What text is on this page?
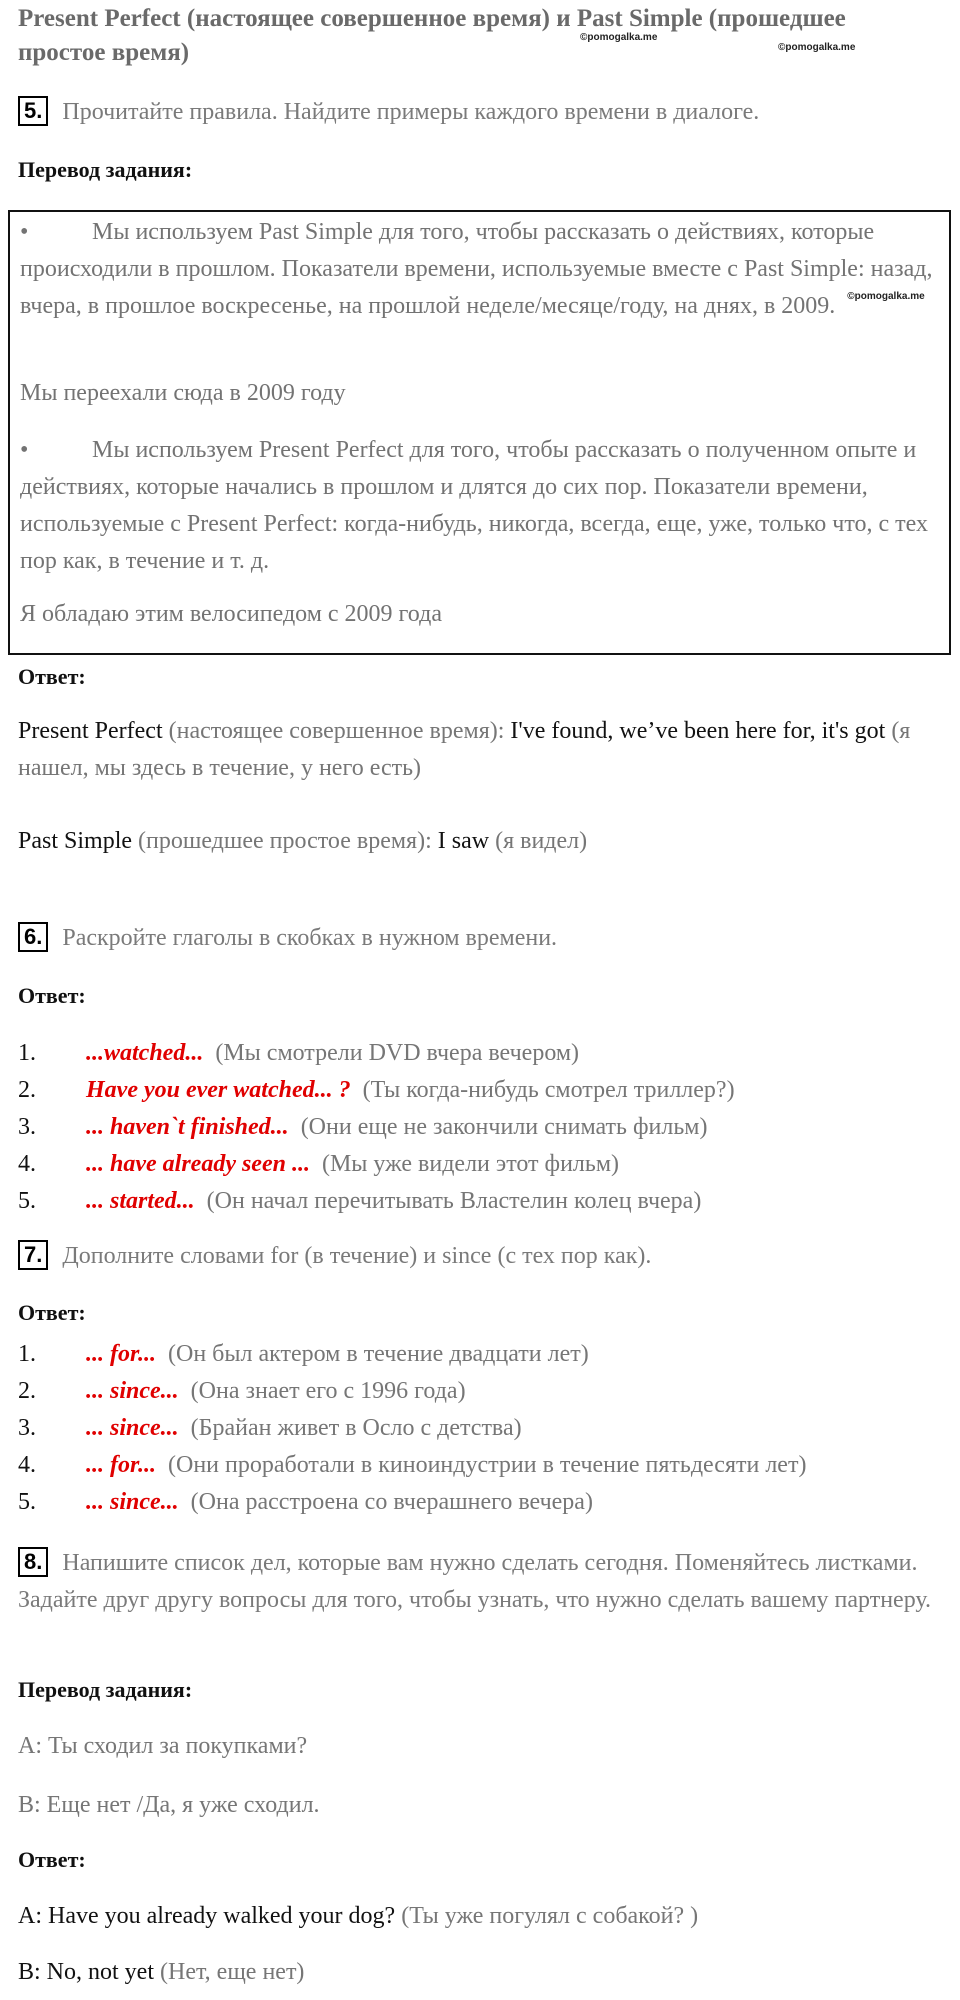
Present Perfect (настоящее совершенное время) и Past Simple (прошедшее простое время)
©pomogalka.me
©pomogalka.me
5. Прочитайте правила. Найдите примеры каждого времени в диалоге.
Перевод задания:
•	Мы используем Past Simple для того, чтобы рассказать о действиях, которые происходили в прошлом. Показатели времени, используемые вместе с Past Simple: назад, вчера, в прошлое воскресенье, на прошлой неделе/месяце/году, на днях, в 2009. $^{©pomogalka.me}$
Мы переехали сюда в 2009 году
•	Мы используем Present Perfect для того, чтобы рассказать о полученном опыте и действиях, которые начались в прошлом и длятся до сих пор. Показатели времени, используемые с Present Perfect: когда-нибудь, никогда, всегда, еще, уже, только что, с тех пор как, в течение и т. д.
Я обладаю этим велосипедом с 2009 года
Ответ:
Present Perfect (настоящее совершенное время): I've found, we’ve been here for, it's got (я нашел, мы здесь в течение, у него есть)
Past Simple (прошедшее простое время): I saw (я видел)
6. Раскройте глаголы в скобках в нужном времени.
Ответ:
1. ...watched... (Мы смотрели DVD вчера вечером)
2. Have you ever watched... ? (Ты когда-нибудь смотрел триллер?)
3. ... haven`t finished... (Они еще не закончили снимать фильм)
4. ... have already seen ... (Мы уже видели этот фильм)
5. ... started... (Он начал перечитывать Властелин колец вчера)
7. Дополните словами for (в течение) и since (с тех пор как).
Ответ:
1. ... for... (Он был актером в течение двадцати лет)
2. ... since... (Она знает его с 1996 года)
3. ... since... (Брайан живет в Осло с детства)
4. ... for... (Они проработали в киноиндустрии в течение пятьдесяти лет)
5. ... since... (Она расстроена со вчерашнего вечера)
8. Напишите список дел, которые вам нужно сделать сегодня. Поменяйтесь листками. Задайте друг другу вопросы для того, чтобы узнать, что нужно сделать вашему партнеру.
Перевод задания:
A: Ты сходил за покупками?
B: Еще нет /Да, я уже сходил.
Ответ:
A: Have you already walked your dog? (Ты уже погулял с собакой? )
B: No, not yet (Нет, еще нет)
